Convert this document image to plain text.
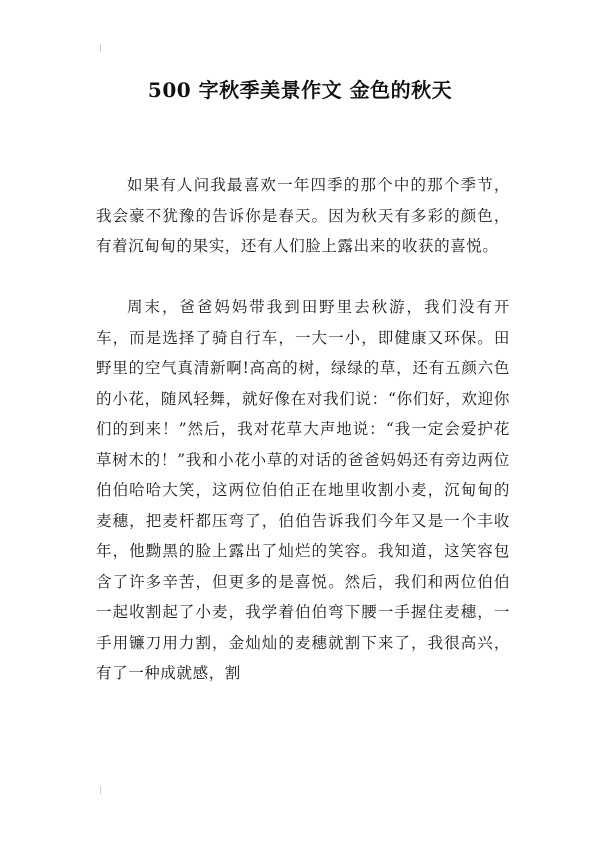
500 字秋季美景作文 金色的秋天

如果有人问我最喜欢一年四季的那个中的那个季节，我会豪不犹豫的告诉你是春天。因为秋天有多彩的颜色，有着沉甸甸的果实，还有人们脸上露出来的收获的喜悦。

周末，爸爸妈妈带我到田野里去秋游，我们没有开车，而是选择了骑自行车，一大一小，即健康又环保。田野里的空气真清新啊!高高的树，绿绿的草，还有五颜六色的小花，随风轻舞，就好像在对我们说：“你们好，欢迎你们的到来！”然后，我对花草大声地说：“我一定会爱护花草树木的！”我和小花小草的对话的爸爸妈妈还有旁边两位伯伯哈哈大笑，这两位伯伯正在地里收割小麦，沉甸甸的麦穗，把麦杆都压弯了，伯伯告诉我们今年又是一个丰收年，他黝黑的脸上露出了灿烂的笑容。我知道，这笑容包含了许多辛苦，但更多的是喜悦。然后，我们和两位伯伯一起收割起了小麦，我学着伯伯弯下腰一手握住麦穗，一手用镰刀用力割，金灿灿的麦穗就割下来了，我很高兴，有了一种成就感，割
